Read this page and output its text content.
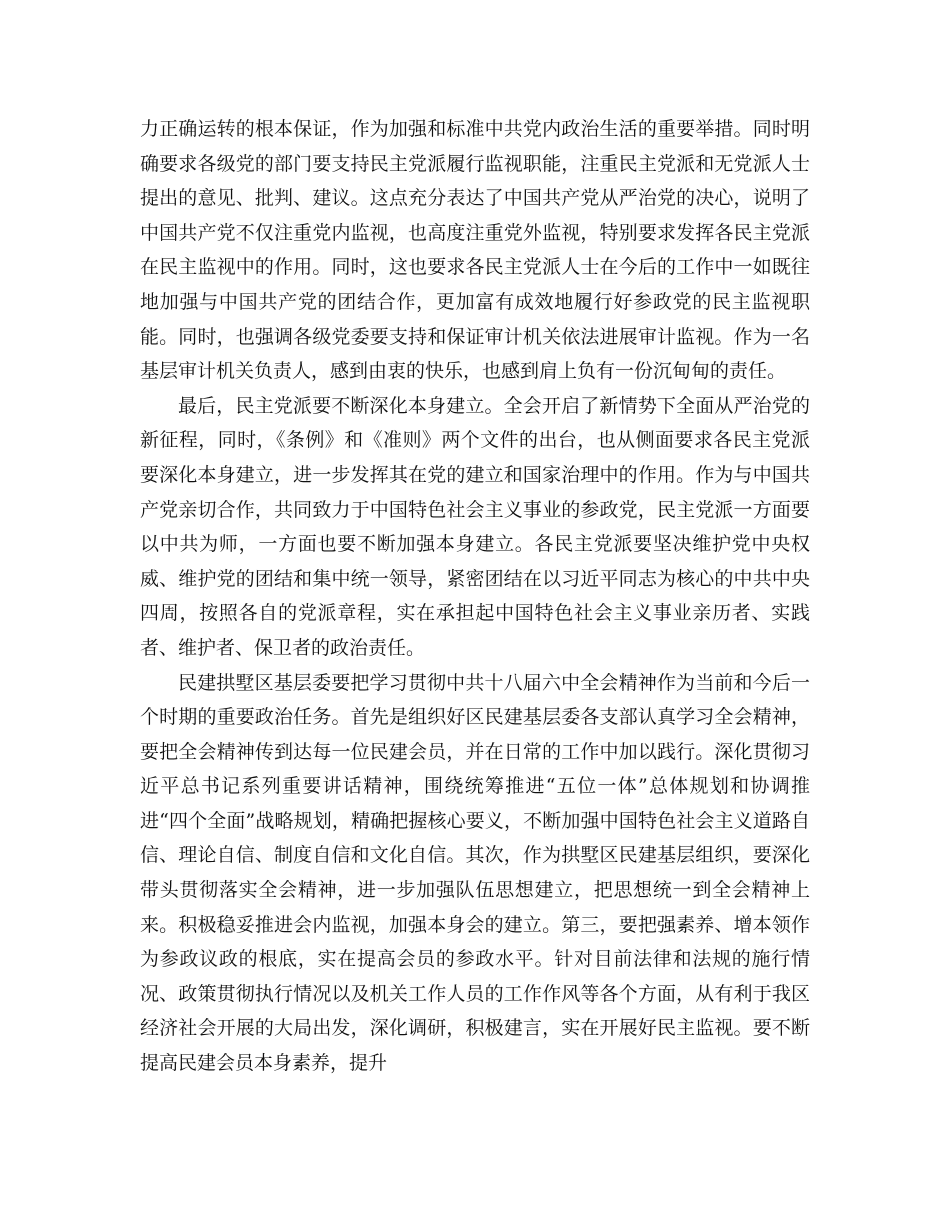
力正确运转的根本保证，作为加强和标准中共党内政治生活的重要举措。同时明确要求各级党的部门要支持民主党派履行监视职能，注重民主党派和无党派人士提出的意见、批判、建议。这点充分表达了中国共产党从严治党的决心，说明了中国共产党不仅注重党内监视，也高度注重党外监视，特别要求发挥各民主党派在民主监视中的作用。同时，这也要求各民主党派人士在今后的工作中一如既往地加强与中国共产党的团结合作，更加富有成效地履行好参政党的民主监视职能。同时，也强调各级党委要支持和保证审计机关依法进展审计监视。作为一名基层审计机关负责人，感到由衷的快乐，也感到肩上负有一份沉甸甸的责任。

最后，民主党派要不断深化本身建立。全会开启了新情势下全面从严治党的新征程，同时，《条例》和《准则》两个文件的出台，也从侧面要求各民主党派要深化本身建立，进一步发挥其在党的建立和国家治理中的作用。作为与中国共产党亲切合作，共同致力于中国特色社会主义事业的参政党，民主党派一方面要以中共为师，一方面也要不断加强本身建立。各民主党派要坚决维护党中央权威、维护党的团结和集中统一领导，紧密团结在以习近平同志为核心的中共中央四周，按照各自的党派章程，实在承担起中国特色社会主义事业亲历者、实践者、维护者、保卫者的政治责任。

民建拱墅区基层委要把学习贯彻中共十八届六中全会精神作为当前和今后一个时期的重要政治任务。首先是组织好区民建基层委各支部认真学习全会精神，要把全会精神传到达每一位民建会员，并在日常的工作中加以践行。深化贯彻习近平总书记系列重要讲话精神，围绕统筹推进“五位一体”总体规划和协调推进“四个全面”战略规划，精确把握核心要义，不断加强中国特色社会主义道路自信、理论自信、制度自信和文化自信。其次，作为拱墅区民建基层组织，要深化带头贯彻落实全会精神，进一步加强队伍思想建立，把思想统一到全会精神上来。积极稳妥推进会内监视，加强本身会的建立。第三，要把强素养、增本领作为参政议政的根底，实在提高会员的参政水平。针对目前法律和法规的施行情况、政策贯彻执行情况以及机关工作人员的工作作风等各个方面，从有利于我区经济社会开展的大局出发，深化调研，积极建言，实在开展好民主监视。要不断提高民建会员本身素养，提升
